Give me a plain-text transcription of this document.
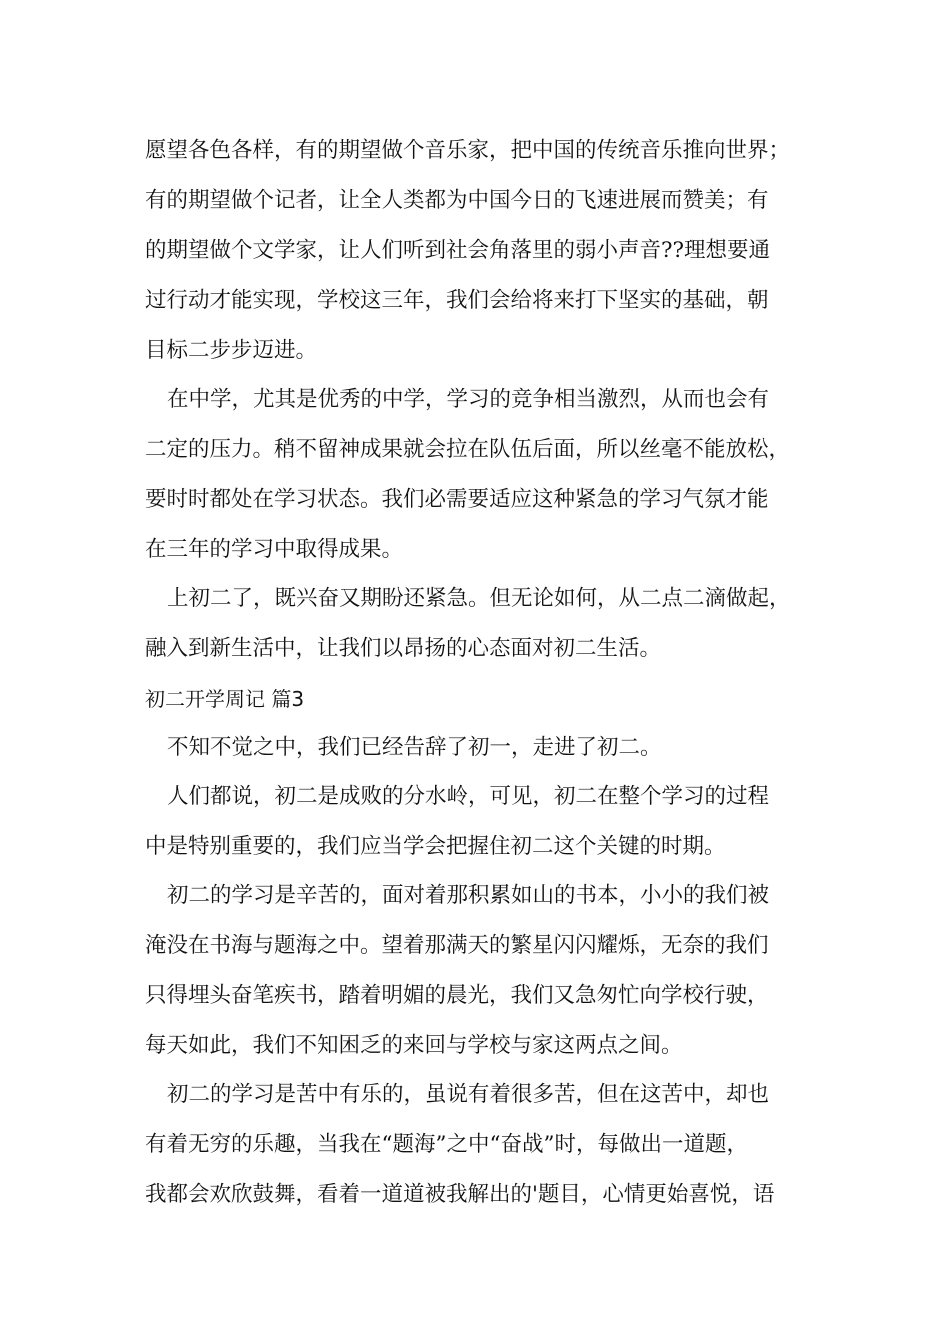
愿望各色各样，有的期望做个音乐家，把中国的传统音乐推向世界；
有的期望做个记者，让全人类都为中国今日的飞速进展而赞美；有
的期望做个文学家，让人们听到社会角落里的弱小声音??理想要通
过行动才能实现，学校这三年，我们会给将来打下坚实的基础，朝
目标二步步迈进。
在中学，尤其是优秀的中学，学习的竞争相当激烈，从而也会有
二定的压力。稍不留神成果就会拉在队伍后面，所以丝毫不能放松，
要时时都处在学习状态。我们必需要适应这种紧急的学习气氛才能
在三年的学习中取得成果。
上初二了，既兴奋又期盼还紧急。但无论如何，从二点二滴做起，
融入到新生活中，让我们以昂扬的心态面对初二生活。
初二开学周记 篇3
不知不觉之中，我们已经告辞了初一，走进了初二。
人们都说，初二是成败的分水岭，可见，初二在整个学习的过程
中是特别重要的，我们应当学会把握住初二这个关键的时期。
初二的学习是辛苦的，面对着那积累如山的书本，小小的我们被
淹没在书海与题海之中。望着那满天的繁星闪闪耀烁，无奈的我们
只得埋头奋笔疾书，踏着明媚的晨光，我们又急匆忙向学校行驶，
每天如此，我们不知困乏的来回与学校与家这两点之间。
初二的学习是苦中有乐的，虽说有着很多苦，但在这苦中，却也
有着无穷的乐趣，当我在“题海”之中“奋战”时，每做出一道题，
我都会欢欣鼓舞，看着一道道被我解出的'题目，心情更始喜悦，语
